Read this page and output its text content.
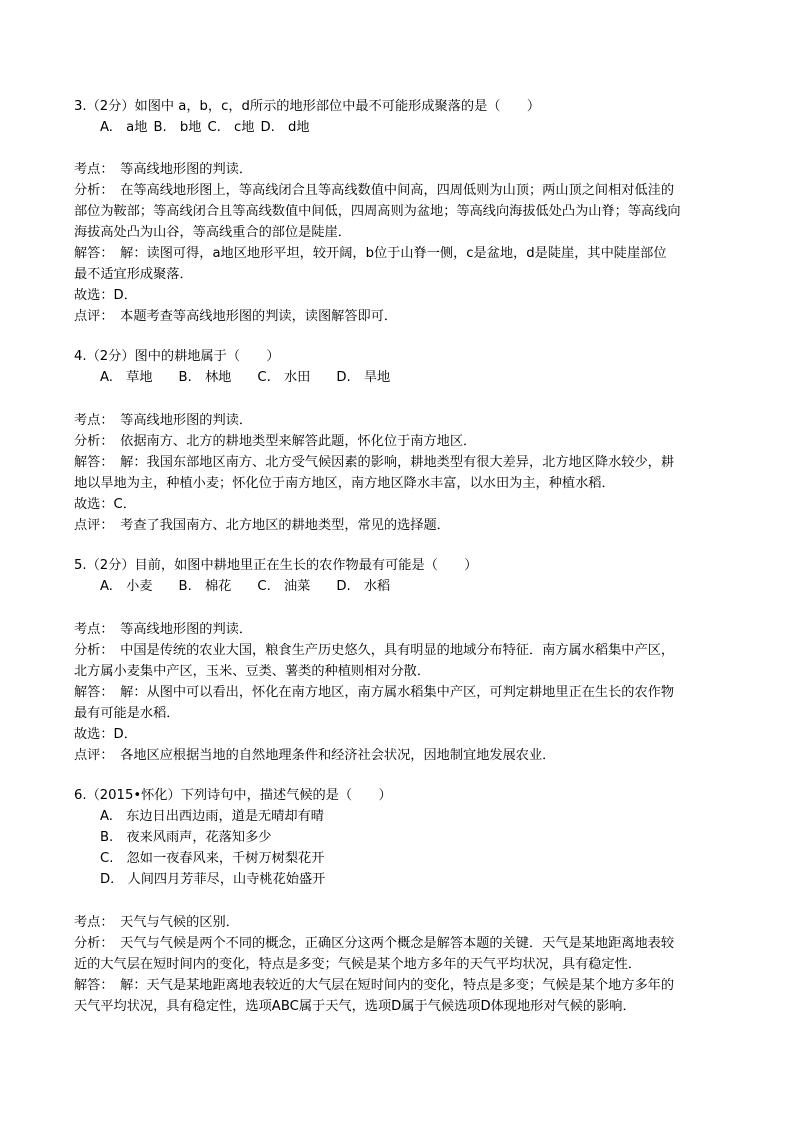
3.（2分）如图中 a，b，c，d所示的地形部位中最不可能形成聚落的是（　　）
A.　a地 B.　b地 C.　c地 D.　d地
考点：　等高线地形图的判读．
分析：　在等高线地形图上，等高线闭合且等高线数值中间高，四周低则为山顶；两山顶之间相对低洼的
部位为鞍部；等高线闭合且等高线数值中间低，四周高则为盆地；等高线向海拔低处凸为山脊；等高线向
海拔高处凸为山谷，等高线重合的部位是陡崖．
解答：　解：读图可得，a地区地形平坦，较开阔，b位于山脊一侧，c是盆地，d是陡崖，其中陡崖部位
最不适宜形成聚落．
故选：D．
点评：　本题考查等高线地形图的判读，读图解答即可．
4.（2分）图中的耕地属于（　　）
A.　草地 B.　林地 C.　水田 D.　旱地
考点：　等高线地形图的判读．
分析：　依据南方、北方的耕地类型来解答此题，怀化位于南方地区．
解答：　解：我国东部地区南方、北方受气候因素的影响，耕地类型有很大差异，北方地区降水较少，耕
地以旱地为主，种植小麦；怀化位于南方地区，南方地区降水丰富，以水田为主，种植水稻．
故选：C．
点评：　考查了我国南方、北方地区的耕地类型，常见的选择题．
5.（2分）目前，如图中耕地里正在生长的农作物最有可能是（　　）
A.　小麦 B.　棉花 C.　油菜 D.　水稻
考点：　等高线地形图的判读．
分析：　中国是传统的农业大国，粮食生产历史悠久，具有明显的地域分布特征．南方属水稻集中产区，
北方属小麦集中产区，玉米、豆类、薯类的种植则相对分散．
解答：　解：从图中可以看出，怀化在南方地区，南方属水稻集中产区，可判定耕地里正在生长的农作物
最有可能是水稻．
故选：D．
点评：　各地区应根据当地的自然地理条件和经济社会状况，因地制宜地发展农业．
6.（2015•怀化）下列诗句中，描述气候的是（　　）
A.　东边日出西边雨，道是无晴却有晴
B.　夜来风雨声，花落知多少
C.　忽如一夜春风来，千树万树梨花开
D.　人间四月芳菲尽，山寺桃花始盛开
考点：　天气与气候的区别．
分析：　天气与气候是两个不同的概念，正确区分这两个概念是解答本题的关键．天气是某地距离地表较
近的大气层在短时间内的变化，特点是多变；气候是某个地方多年的天气平均状况，具有稳定性．
解答：　解：天气是某地距离地表较近的大气层在短时间内的变化，特点是多变；气候是某个地方多年的
天气平均状况，具有稳定性，选项ABC属于天气，选项D属于气候选项D体现地形对气候的影响．
